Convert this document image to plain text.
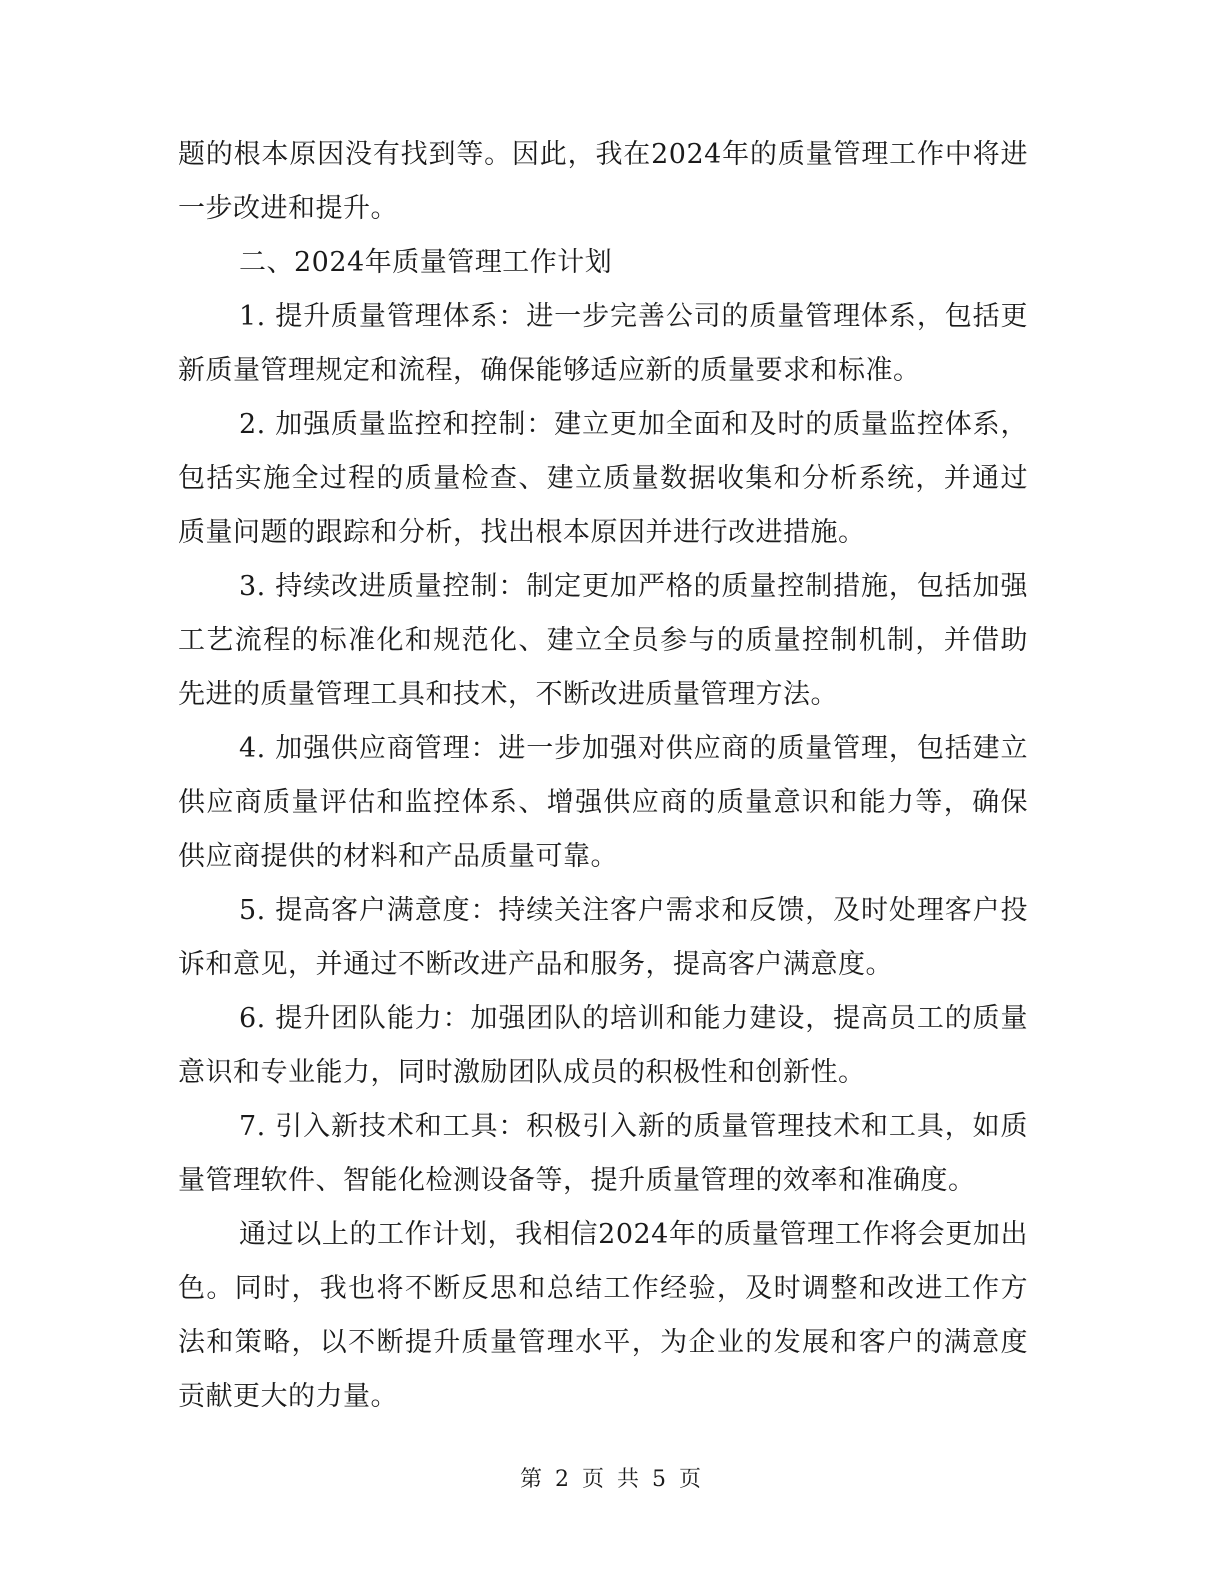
题的根本原因没有找到等。因此，我在2024年的质量管理工作中将进一步改进和提升。

二、2024年质量管理工作计划

1. 提升质量管理体系：进一步完善公司的质量管理体系，包括更新质量管理规定和流程，确保能够适应新的质量要求和标准。

2. 加强质量监控和控制：建立更加全面和及时的质量监控体系，包括实施全过程的质量检查、建立质量数据收集和分析系统，并通过质量问题的跟踪和分析，找出根本原因并进行改进措施。

3. 持续改进质量控制：制定更加严格的质量控制措施，包括加强工艺流程的标准化和规范化、建立全员参与的质量控制机制，并借助先进的质量管理工具和技术，不断改进质量管理方法。

4. 加强供应商管理：进一步加强对供应商的质量管理，包括建立供应商质量评估和监控体系、增强供应商的质量意识和能力等，确保供应商提供的材料和产品质量可靠。

5. 提高客户满意度：持续关注客户需求和反馈，及时处理客户投诉和意见，并通过不断改进产品和服务，提高客户满意度。

6. 提升团队能力：加强团队的培训和能力建设，提高员工的质量意识和专业能力，同时激励团队成员的积极性和创新性。

7. 引入新技术和工具：积极引入新的质量管理技术和工具，如质量管理软件、智能化检测设备等，提升质量管理的效率和准确度。

通过以上的工作计划，我相信2024年的质量管理工作将会更加出色。同时，我也将不断反思和总结工作经验，及时调整和改进工作方法和策略，以不断提升质量管理水平，为企业的发展和客户的满意度贡献更大的力量。

第 2 页 共 5 页
